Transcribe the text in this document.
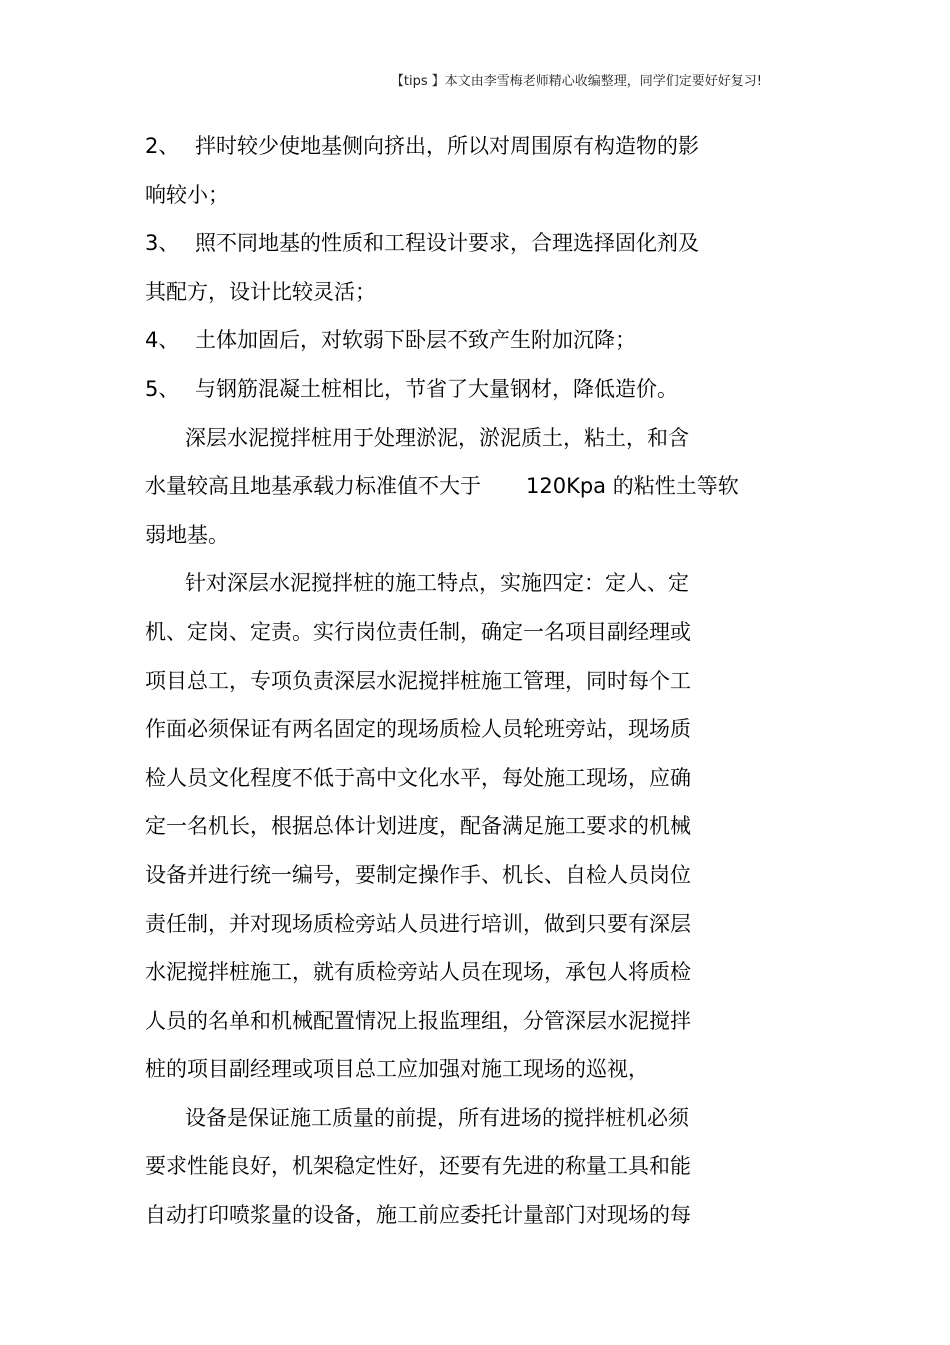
【tips 】本文由李雪梅老师精心收编整理，同学们定要好好复习!
2、 拌时较少使地基侧向挤出，所以对周围原有构造物的影
响较小；
3、 照不同地基的性质和工程设计要求，合理选择固化剂及
其配方，设计比较灵活；
4、 土体加固后，对软弱下卧层不致产生附加沉降；
5、 与钢筋混凝土桩相比，节省了大量钢材，降低造价。
深层水泥搅拌桩用于处理淤泥，淤泥质土，粘土，和含
水量较高且地基承载力标准值不大于 120Kpa 的粘性土等软
弱地基。
针对深层水泥搅拌桩的施工特点，实施四定：定人、定
机、定岗、定责。实行岗位责任制，确定一名项目副经理或
项目总工，专项负责深层水泥搅拌桩施工管理，同时每个工
作面必须保证有两名固定的现场质检人员轮班旁站，现场质
检人员文化程度不低于高中文化水平，每处施工现场，应确
定一名机长，根据总体计划进度，配备满足施工要求的机械
设备并进行统一编号，要制定操作手、机长、自检人员岗位
责任制，并对现场质检旁站人员进行培训，做到只要有深层
水泥搅拌桩施工，就有质检旁站人员在现场，承包人将质检
人员的名单和机械配置情况上报监理组，分管深层水泥搅拌
桩的项目副经理或项目总工应加强对施工现场的巡视，
设备是保证施工质量的前提，所有进场的搅拌桩机必须
要求性能良好，机架稳定性好，还要有先进的称量工具和能
自动打印喷浆量的设备，施工前应委托计量部门对现场的每
